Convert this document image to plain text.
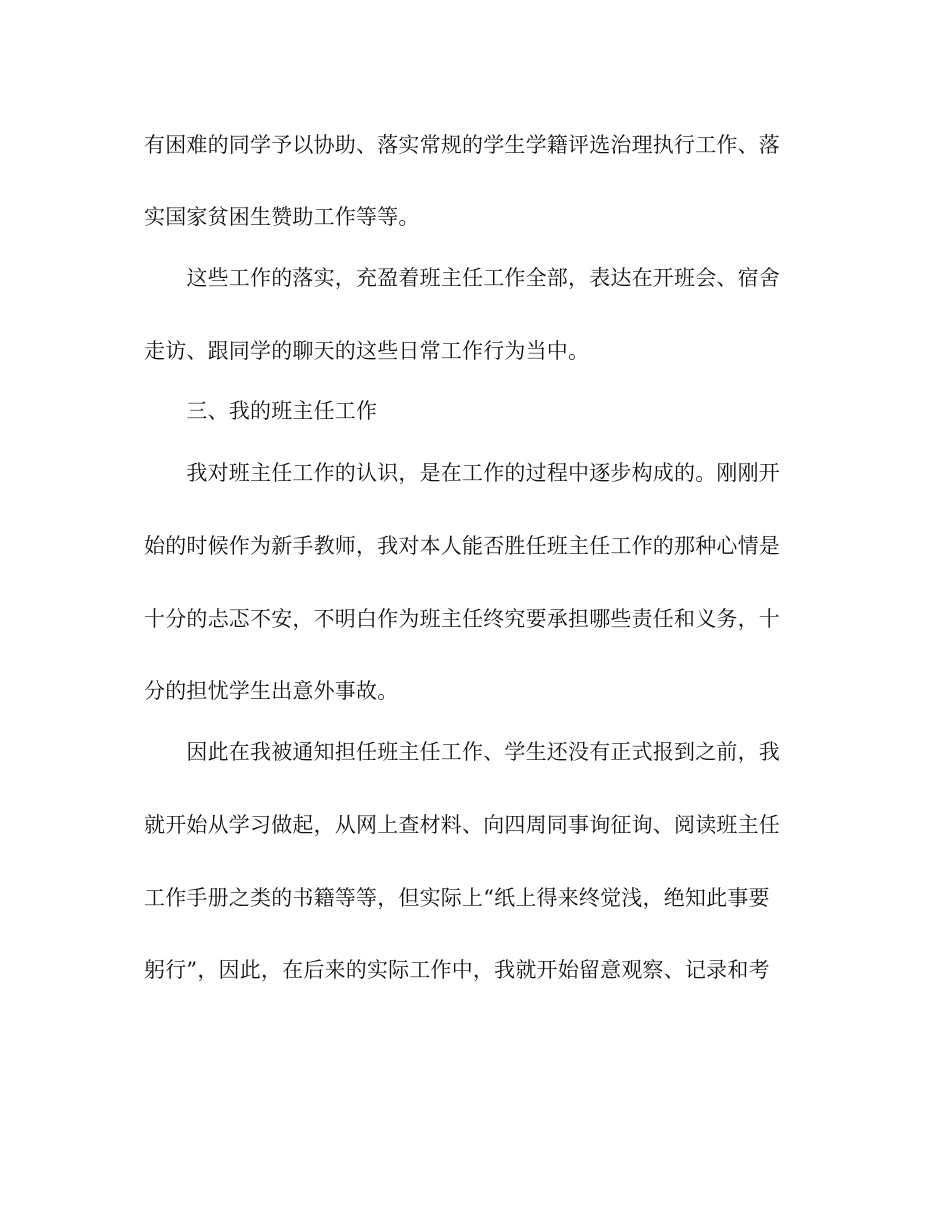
有困难的同学予以协助、落实常规的学生学籍评选治理执行工作、落
实国家贫困生赞助工作等等。
　　这些工作的落实，充盈着班主任工作全部，表达在开班会、宿舍
走访、跟同学的聊天的这些日常工作行为当中。
　　三、我的班主任工作
　　我对班主任工作的认识，是在工作的过程中逐步构成的。刚刚开
始的时候作为新手教师，我对本人能否胜任班主任工作的那种心情是
十分的忐忑不安，不明白作为班主任终究要承担哪些责任和义务，十
分的担忧学生出意外事故。
　　因此在我被通知担任班主任工作、学生还没有正式报到之前，我
就开始从学习做起，从网上查材料、向四周同事询征询、阅读班主任
工作手册之类的书籍等等，但实际上“纸上得来终觉浅，绝知此事要
躬行”，因此，在后来的实际工作中，我就开始留意观察、记录和考
